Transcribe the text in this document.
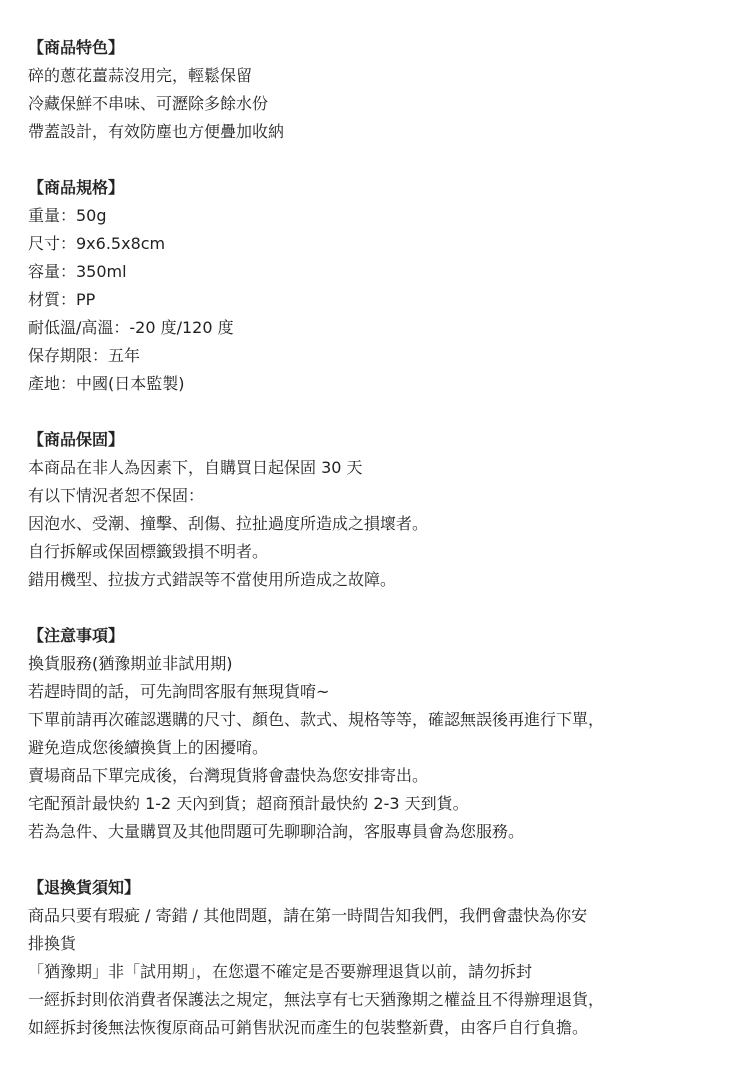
【商品特色】

碎的蔥花薑蒜沒用完，輕鬆保留

冷藏保鮮不串味、可瀝除多餘水份

帶蓋設計，有效防塵也方便疊加收納

【商品規格】

重量：50g

尺寸：9x6.5x8cm

容量：350ml

材質：PP

耐低溫/高溫：-20 度/120 度

保存期限：五年

產地：中國(日本監製)

【商品保固】

本商品在非人為因素下，自購買日起保固 30 天

有以下情況者恕不保固：

因泡水、受潮、撞擊、刮傷、拉扯過度所造成之損壞者。

自行拆解或保固標籤毀損不明者。

錯用機型、拉拔方式錯誤等不當使用所造成之故障。

【注意事項】

換貨服務(猶豫期並非試用期)

若趕時間的話，可先詢問客服有無現貨唷~

下單前請再次確認選購的尺寸、顏色、款式、規格等等，確認無誤後再進行下單，

避免造成您後續換貨上的困擾唷。

賣場商品下單完成後，台灣現貨將會盡快為您安排寄出。

宅配預計最快約 1-2 天內到貨；超商預計最快約 2-3 天到貨。

若為急件、大量購買及其他問題可先聊聊洽詢，客服專員會為您服務。

【退換貨須知】

商品只要有瑕疵 / 寄錯 / 其他問題，請在第一時間告知我們，我們會盡快為你安

排換貨

「猶豫期」非「試用期」，在您還不確定是否要辦理退貨以前，請勿拆封

一經拆封則依消費者保護法之規定，無法享有七天猶豫期之權益且不得辦理退貨，

如經拆封後無法恢復原商品可銷售狀況而產生的包裝整新費，由客戶自行負擔。
